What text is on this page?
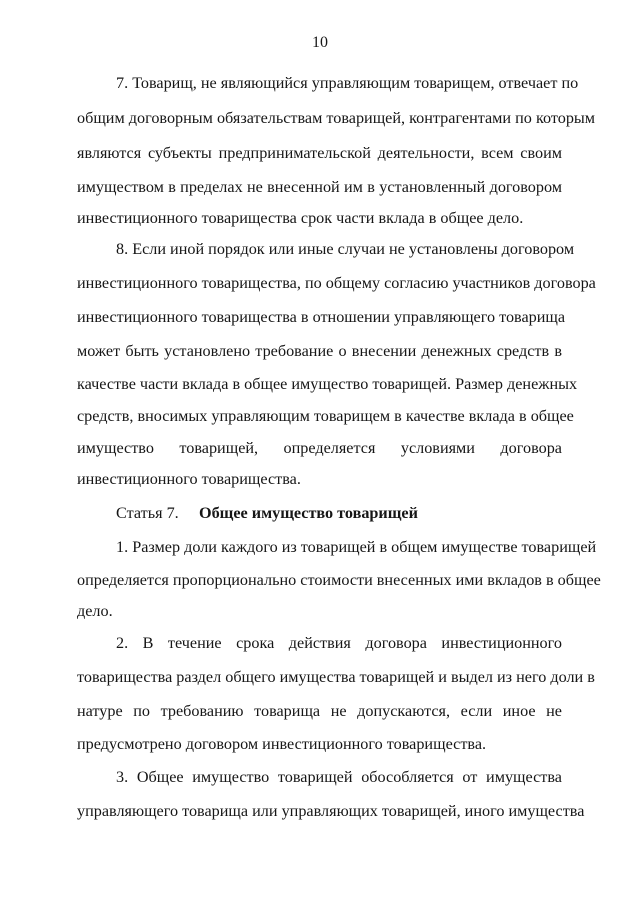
10
7. Товарищ, не являющийся управляющим товарищем, отвечает по
общим договорным обязательствам товарищей, контрагентами по которым
являются субъекты предпринимательской деятельности, всем своим
имуществом в пределах не внесенной им в установленный договором
инвестиционного товарищества срок части вклада в общее дело.
8. Если иной порядок или иные случаи не установлены договором
инвестиционного товарищества, по общему согласию участников договора
инвестиционного товарищества в отношении управляющего товарища
может быть установлено требование о внесении денежных средств в
качестве части вклада в общее имущество товарищей. Размер денежных
средств, вносимых управляющим товарищем в качестве вклада в общее
имущество товарищей, определяется условиями договора
инвестиционного товарищества.
Статья 7. Общее имущество товарищей
1. Размер доли каждого из товарищей в общем имуществе товарищей
определяется пропорционально стоимости внесенных ими вкладов в общее
дело.
2. В течение срока действия договора инвестиционного
товарищества раздел общего имущества товарищей и выдел из него доли в
натуре по требованию товарища не допускаются, если иное не
предусмотрено договором инвестиционного товарищества.
3. Общее имущество товарищей обособляется от имущества
управляющего товарища или управляющих товарищей, иного имущества
